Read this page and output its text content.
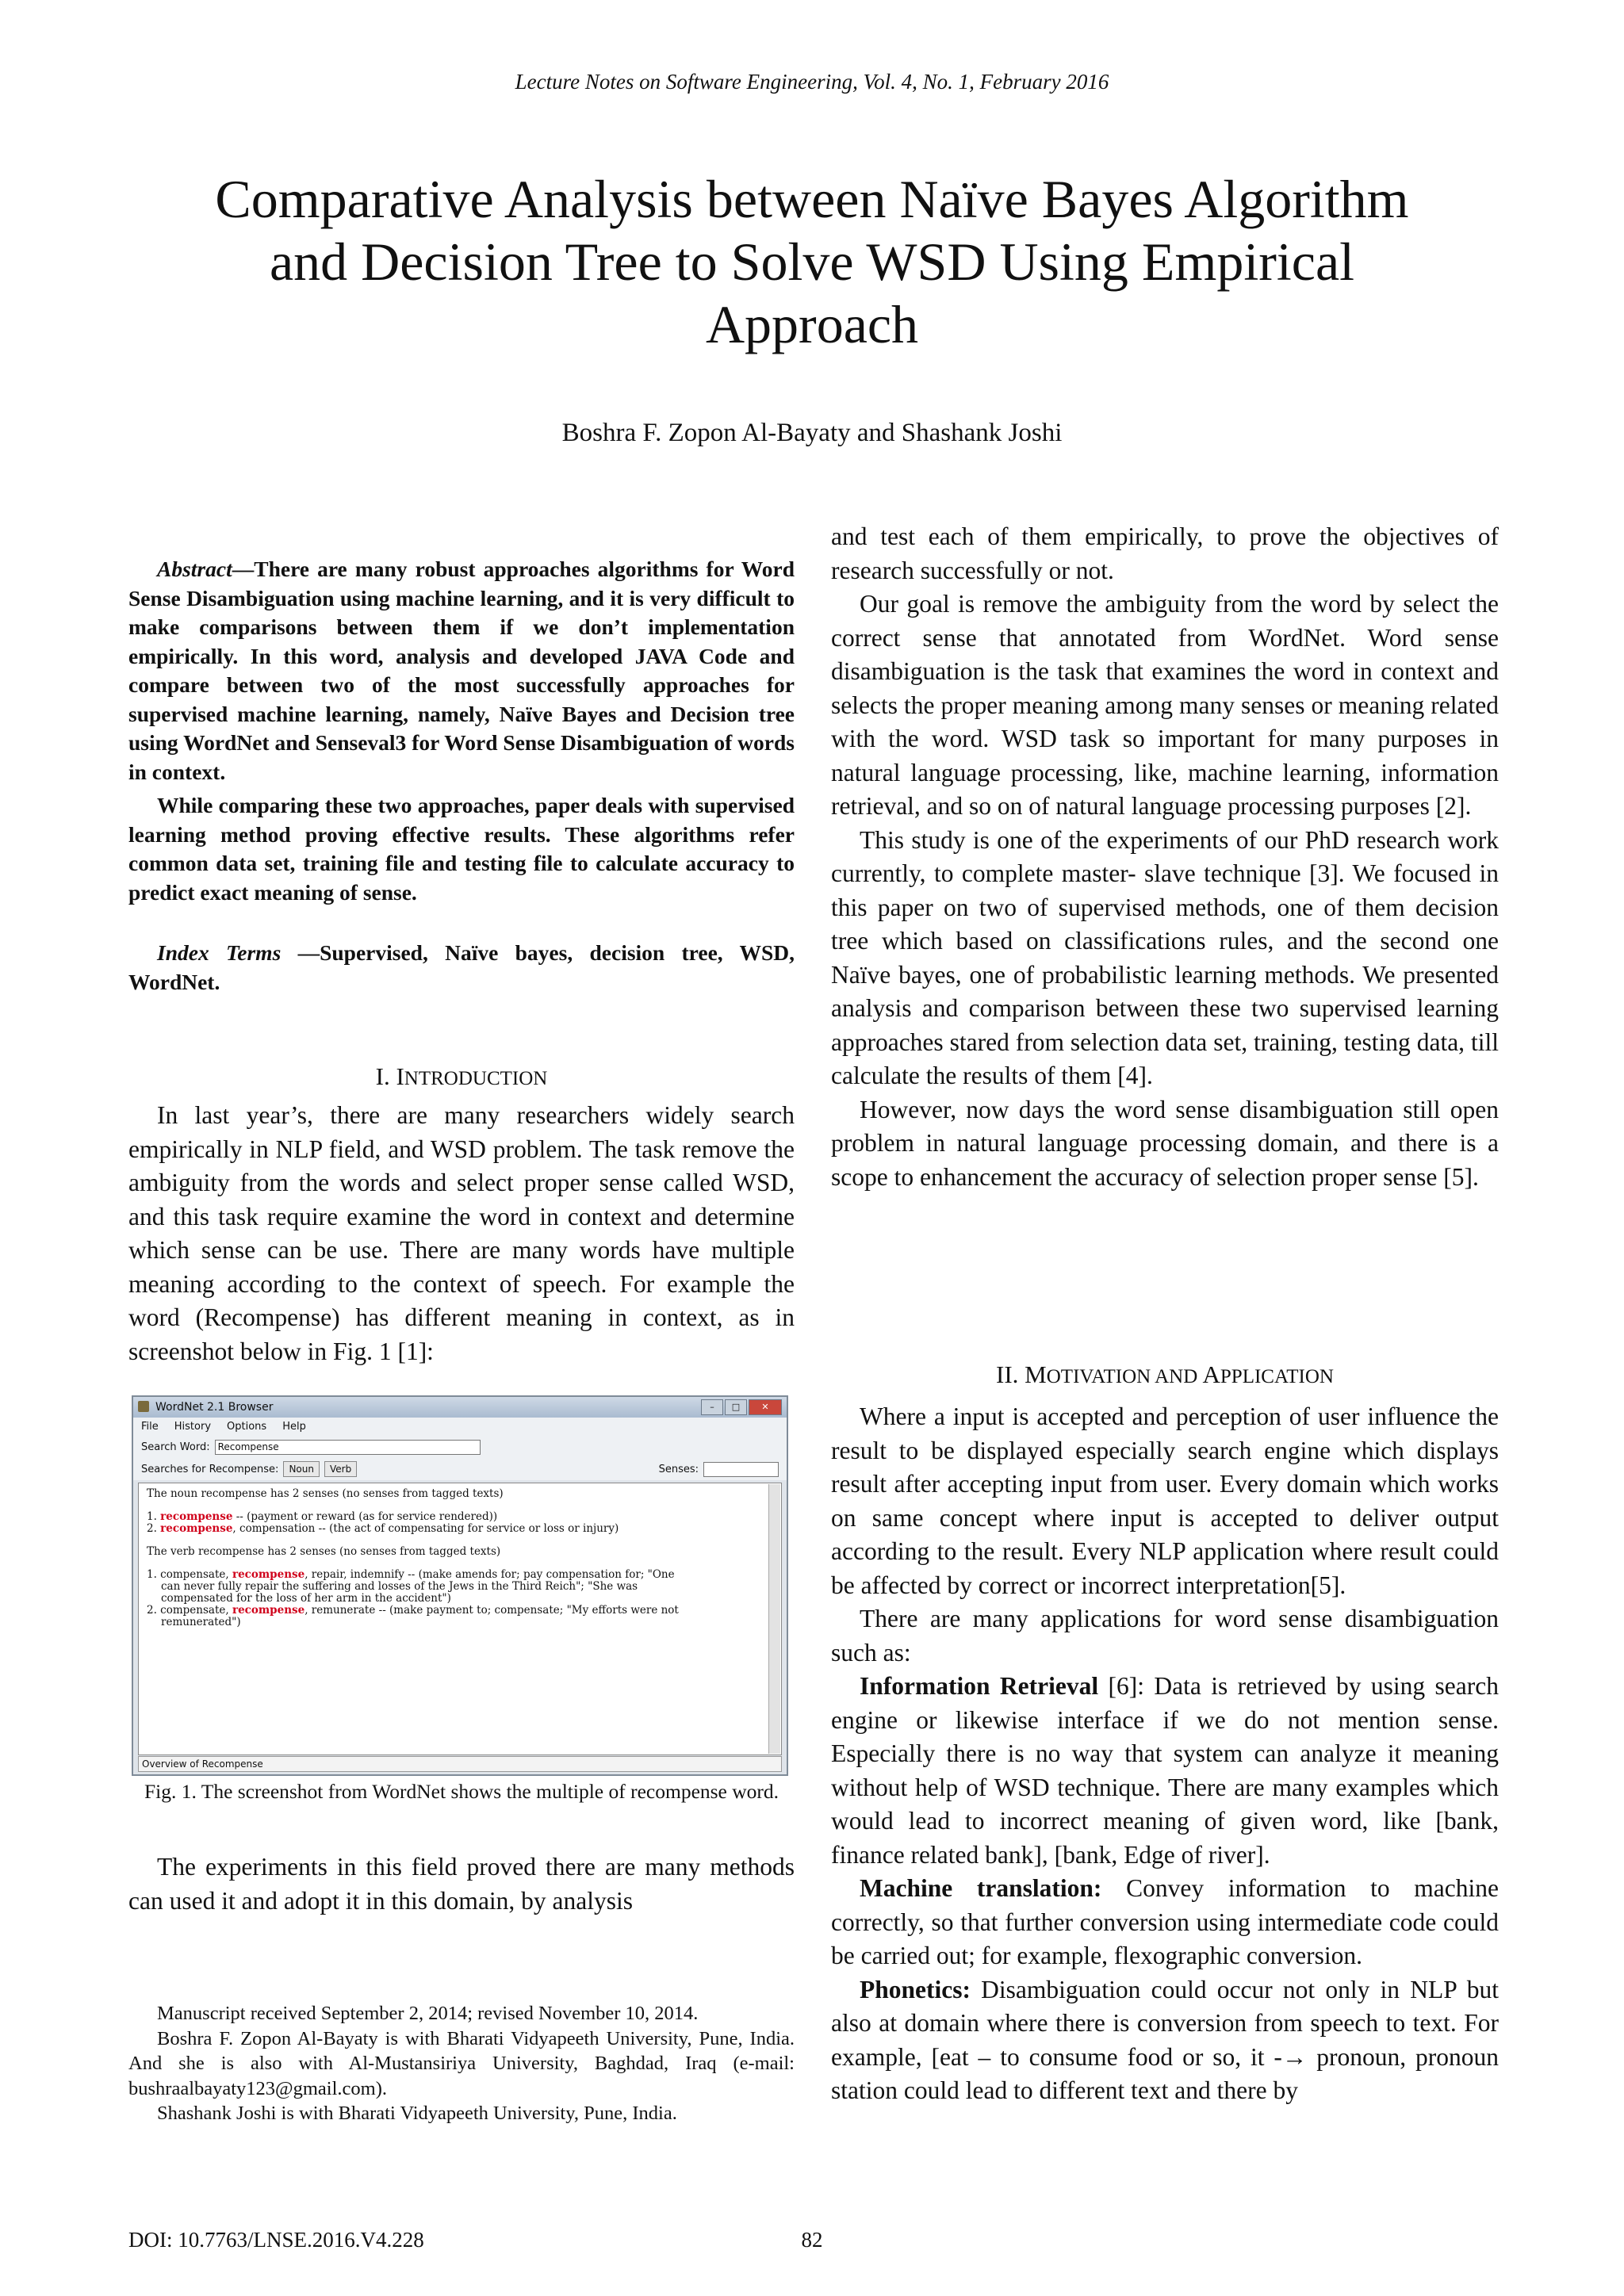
Lecture Notes on Software Engineering, Vol. 4, No. 1, February 2016
Comparative Analysis between Naïve Bayes Algorithm
and Decision Tree to Solve WSD Using Empirical
Approach
Boshra F. Zopon Al-Bayaty and Shashank Joshi

Abstract—There are many robust approaches algorithms for Word Sense Disambiguation using machine learning, and it is very difficult to make comparisons between them if we don’t implementation empirically. In this word, analysis and developed JAVA Code and compare between two of the most successfully approaches for supervised machine learning, namely, Naïve Bayes and Decision tree using WordNet and Senseval3 for Word Sense Disambiguation of words in context.

While comparing these two approaches, paper deals with supervised learning method proving effective results. These algorithms refer common data set, training file and testing file to calculate accuracy to predict exact meaning of sense.

Index Terms —Supervised, Naïve bayes, decision tree, WSD, WordNet.
I. INTRODUCTION

In last year’s, there are many researchers widely search empirically in NLP field, and WSD problem. The task remove the ambiguity from the words and select proper sense called WSD, and this task require examine the word in context and determine which sense can be use. There are many words have multiple meaning according to the context of speech. For example the word (Recompense) has different meaning in context, as in screenshot below in Fig. 1 [1]:

WordNet 2.1 Browser	–	□	✕
File History Options Help
Search Word: Recompense
Searches for Recompense:	Noun	Verb	Senses:
The noun recompense has 2 senses (no senses from tagged texts)
1. recompense -- (payment or reward (as for service rendered))
2. recompense, compensation -- (the act of compensating for service or loss or injury)
The verb recompense has 2 senses (no senses from tagged texts)
1. compensate, recompense, repair, indemnify -- (make amends for; pay compensation for; "One
can never fully repair the suffering and losses of the Jews in the Third Reich"; "She was
compensated for the loss of her arm in the accident")
2. compensate, recompense, remunerate -- (make payment to; compensate; "My efforts were not
remunerated")
Overview of Recompense
Fig. 1. The screenshot from WordNet shows the multiple of recompense word.

The experiments in this field proved there are many methods can used it and adopt it in this domain, by analysis

Manuscript received September 2, 2014; revised November 10, 2014.

Boshra F. Zopon Al-Bayaty is with Bharati Vidyapeeth University, Pune, India. And she is also with Al-Mustansiriya University, Baghdad, Iraq (e-mail: bushraalbayaty123@gmail.com).

Shashank Joshi is with Bharati Vidyapeeth University, Pune, India.

and test each of them empirically, to prove the objectives of research successfully or not.

Our goal is remove the ambiguity from the word by select the correct sense that annotated from WordNet. Word sense disambiguation is the task that examines the word in context and selects the proper meaning among many senses or meaning related with the word. WSD task so important for many purposes in natural language processing, like, machine learning, information retrieval, and so on of natural language processing purposes [2].

This study is one of the experiments of our PhD research work currently, to complete master- slave technique [3]. We focused in this paper on two of supervised methods, one of them decision tree which based on classifications rules, and the second one Naïve bayes, one of probabilistic learning methods. We presented analysis and comparison between these two supervised learning approaches stared from selection data set, training, testing data, till calculate the results of them [4].

However, now days the word sense disambiguation still open problem in natural language processing domain, and there is a scope to enhancement the accuracy of selection proper sense [5].

II. MOTIVATION AND APPLICATION

Where a input is accepted and perception of user influence the result to be displayed especially search engine which displays result after accepting input from user. Every domain which works on same concept where input is accepted to deliver output according to the result. Every NLP application where result could be affected by correct or incorrect interpretation[5].

There are many applications for word sense disambiguation such as:

Information Retrieval [6]: Data is retrieved by using search engine or likewise interface if we do not mention sense. Especially there is no way that system can analyze it meaning without help of WSD technique. There are many examples which would lead to incorrect meaning of given word, like [bank, finance related bank], [bank, Edge of river].

Machine translation: Convey information to machine correctly, so that further conversion using intermediate code could be carried out; for example, flexographic conversion.

Phonetics: Disambiguation could occur not only in NLP but also at domain where there is conversion from speech to text. For example, [eat – to consume food or so, it -→ pronoun, pronoun station could lead to different text and there by

DOI: 10.7763/LNSE.2016.V4.228	82
